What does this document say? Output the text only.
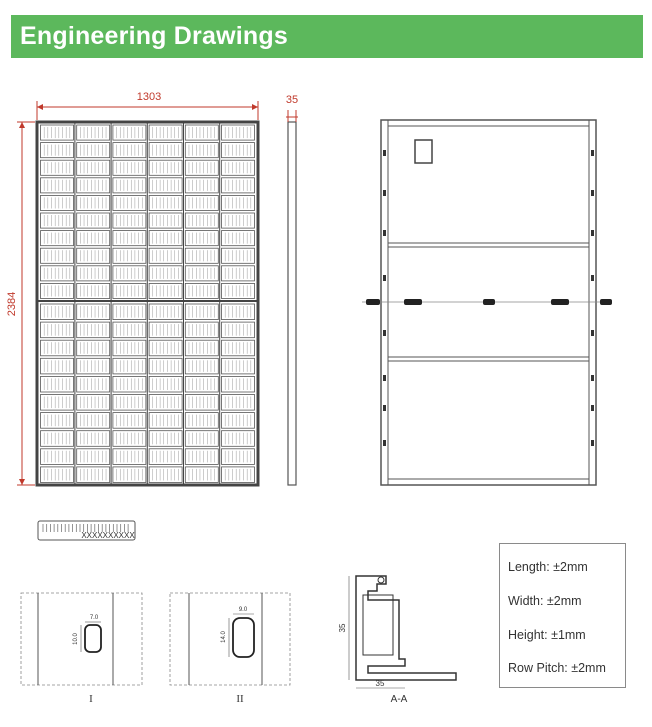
Engineering Drawings
1303
2384
35
XXXXXXXXXX
7.0
10.0
I
9.0
14.0
II
35
35
A-A
Length: ±2mm
Width: ±2mm
Height: ±1mm
Row Pitch: ±2mm
